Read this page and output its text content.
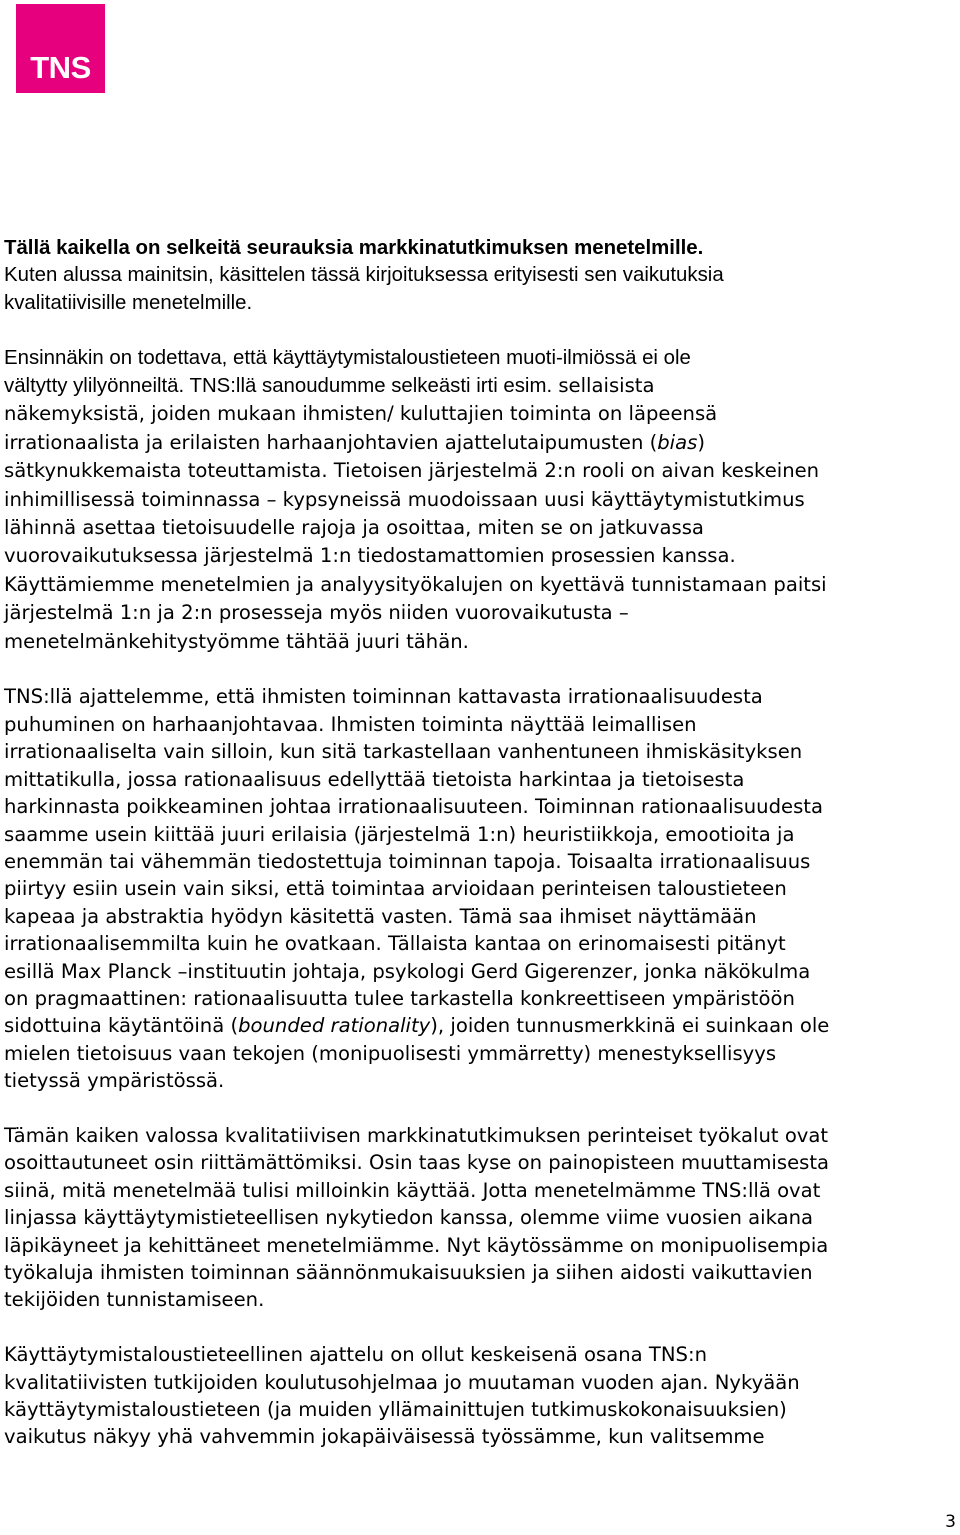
TNS

Tällä kaikella on selkeitä seurauksia markkinatutkimuksen menetelmille.
Kuten alussa mainitsin, käsittelen tässä kirjoituksessa erityisesti sen vaikutuksia
kvalitatiivisille menetelmille.

Ensinnäkin on todettava, että käyttäytymistaloustieteen muoti-ilmiössä ei ole
vältytty ylilyönneiltä. TNS:llä sanoudumme selkeästi irti esim. sellaisista
näkemyksistä, joiden mukaan ihmisten/ kuluttajien toiminta on läpeensä
irrationaalista ja erilaisten harhaanjohtavien ajattelutaipumusten (bias)
sätkynukkemaista toteuttamista. Tietoisen järjestelmä 2:n rooli on aivan keskeinen
inhimillisessä toiminnassa – kypsyneissä muodoissaan uusi käyttäytymistutkimus
lähinnä asettaa tietoisuudelle rajoja ja osoittaa, miten se on jatkuvassa
vuorovaikutuksessa järjestelmä 1:n tiedostamattomien prosessien kanssa.
Käyttämiemme menetelmien ja analyysityökalujen on kyettävä tunnistamaan paitsi
järjestelmä 1:n ja 2:n prosesseja myös niiden vuorovaikutusta –
menetelmänkehitystyömme tähtää juuri tähän.

TNS:llä ajattelemme, että ihmisten toiminnan kattavasta irrationaalisuudesta
puhuminen on harhaanjohtavaa. Ihmisten toiminta näyttää leimallisen
irrationaaliselta vain silloin, kun sitä tarkastellaan vanhentuneen ihmiskäsityksen
mittatikulla, jossa rationaalisuus edellyttää tietoista harkintaa ja tietoisesta
harkinnasta poikkeaminen johtaa irrationaalisuuteen. Toiminnan rationaalisuudesta
saamme usein kiittää juuri erilaisia (järjestelmä 1:n) heuristiikkoja, emootioita ja
enemmän tai vähemmän tiedostettuja toiminnan tapoja. Toisaalta irrationaalisuus
piirtyy esiin usein vain siksi, että toimintaa arvioidaan perinteisen taloustieteen
kapeaa ja abstraktia hyödyn käsitettä vasten. Tämä saa ihmiset näyttämään
irrationaalisemmilta kuin he ovatkaan. Tällaista kantaa on erinomaisesti pitänyt
esillä Max Planck –instituutin johtaja, psykologi Gerd Gigerenzer, jonka näkökulma
on pragmaattinen: rationaalisuutta tulee tarkastella konkreettiseen ympäristöön
sidottuina käytäntöinä (bounded rationality), joiden tunnusmerkkinä ei suinkaan ole
mielen tietoisuus vaan tekojen (monipuolisesti ymmärretty) menestyksellisyys
tietyssä ympäristössä.

Tämän kaiken valossa kvalitatiivisen markkinatutkimuksen perinteiset työkalut ovat
osoittautuneet osin riittämättömiksi. Osin taas kyse on painopisteen muuttamisesta
siinä, mitä menetelmää tulisi milloinkin käyttää. Jotta menetelmämme TNS:llä ovat
linjassa käyttäytymistieteellisen nykytiedon kanssa, olemme viime vuosien aikana
läpikäyneet ja kehittäneet menetelmiämme. Nyt käytössämme on monipuolisempia
työkaluja ihmisten toiminnan säännönmukaisuuksien ja siihen aidosti vaikuttavien
tekijöiden tunnistamiseen.

Käyttäytymistaloustieteellinen ajattelu on ollut keskeisenä osana TNS:n
kvalitatiivisten tutkijoiden koulutusohjelmaa jo muutaman vuoden ajan. Nykyään
käyttäytymistaloustieteen (ja muiden yllämainittujen tutkimuskokonaisuuksien)
vaikutus näkyy yhä vahvemmin jokapäiväisessä työssämme, kun valitsemme

3
